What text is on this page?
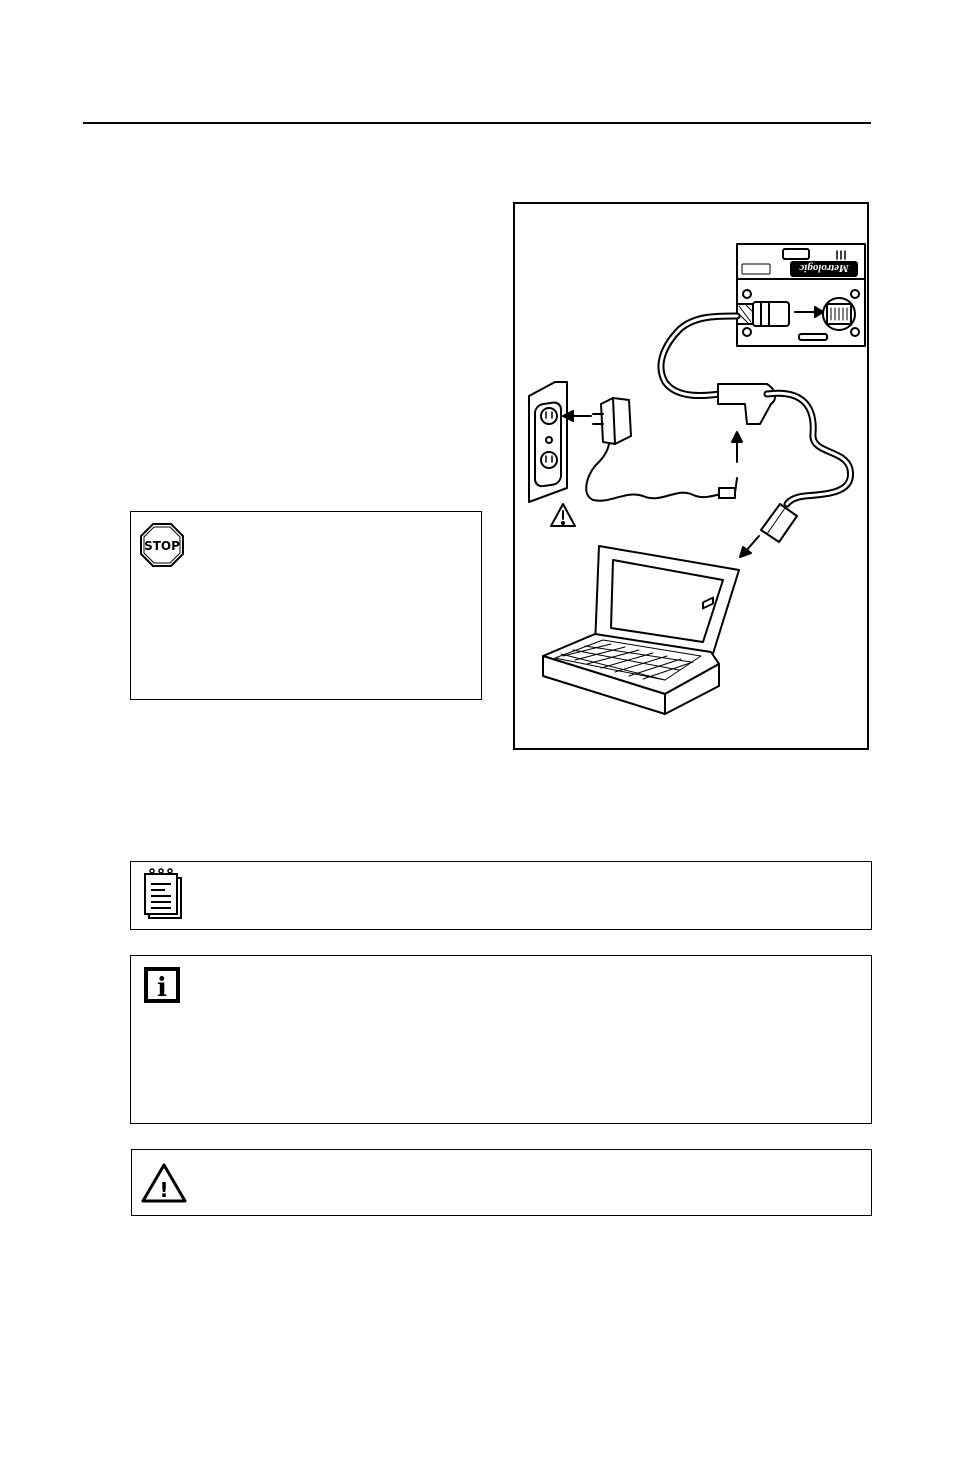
Metrologic
STOP
i
!
